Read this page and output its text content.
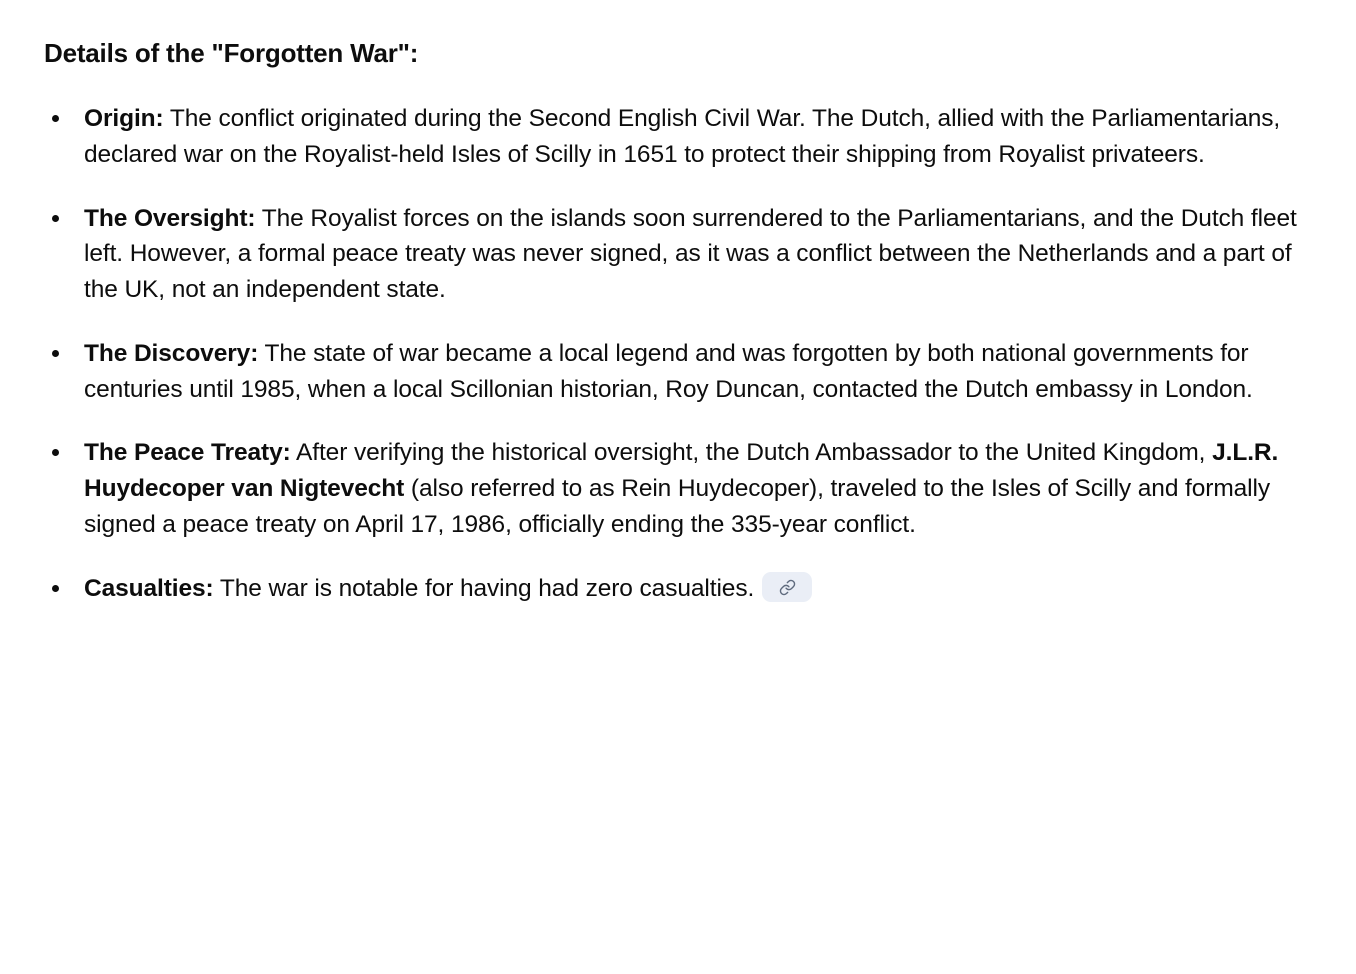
Details of the "Forgotten War":
Origin: The conflict originated during the Second English Civil War. The Dutch, allied with the Parliamentarians, declared war on the Royalist-held Isles of Scilly in 1651 to protect their shipping from Royalist privateers.
The Oversight: The Royalist forces on the islands soon surrendered to the Parliamentarians, and the Dutch fleet left. However, a formal peace treaty was never signed, as it was a conflict between the Netherlands and a part of the UK, not an independent state.
The Discovery: The state of war became a local legend and was forgotten by both national governments for centuries until 1985, when a local Scillonian historian, Roy Duncan, contacted the Dutch embassy in London.
The Peace Treaty: After verifying the historical oversight, the Dutch Ambassador to the United Kingdom, J.L.R. Huydecoper van Nigtevecht (also referred to as Rein Huydecoper), traveled to the Isles of Scilly and formally signed a peace treaty on April 17, 1986, officially ending the 335-year conflict.
Casualties: The war is notable for having had zero casualties.
